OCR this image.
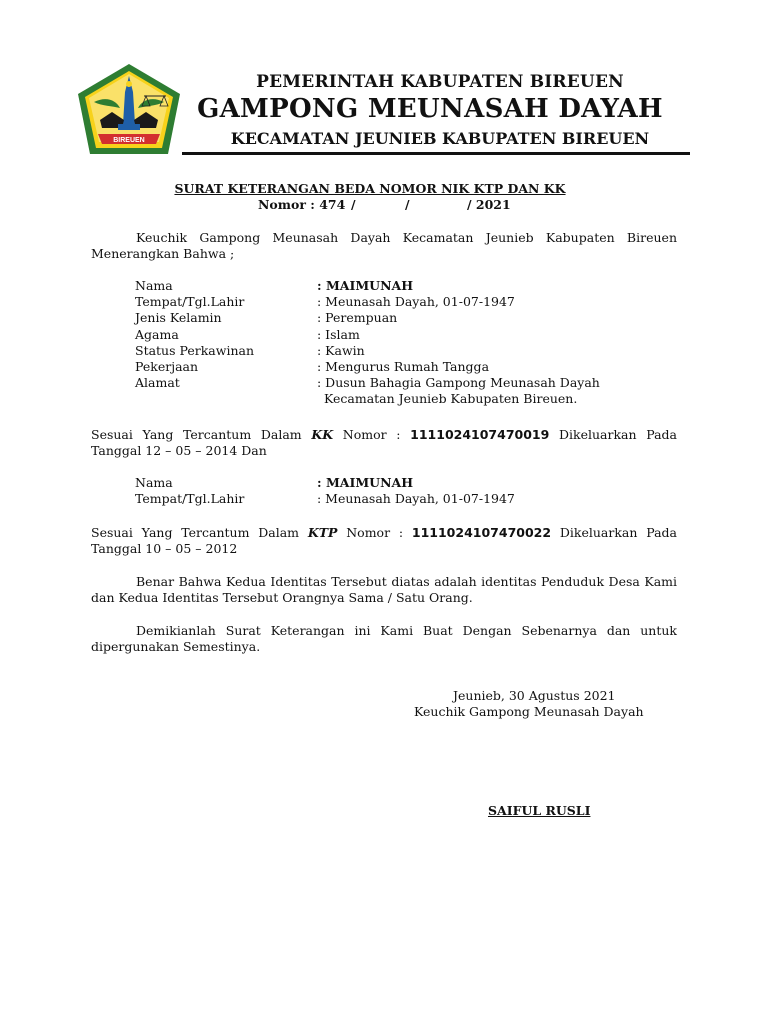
BIREUEN
PEMERINTAH KABUPATEN BIREUEN
GAMPONG MEUNASAH DAYAH
KECAMATAN JEUNIEB KABUPATEN BIREUEN
SURAT KETERANGAN BEDA NOMOR NIK KTP DAN KK
Nomor : 474 /	/	/ 2021
Keuchik Gampong Meunasah Dayah Kecamatan Jeunieb Kabupaten Bireuen Menerangkan Bahwa ;
Nama	: MAIMUNAH
Tempat/Tgl.Lahir	: Meunasah Dayah, 01-07-1947
Jenis Kelamin	: Perempuan
Agama	: Islam
Status Perkawinan	: Kawin
Pekerjaan	: Mengurus Rumah Tangga
Alamat	: Dusun Bahagia Gampong Meunasah Dayah
Kecamatan Jeunieb Kabupaten Bireuen.
Sesuai Yang Tercantum Dalam KK Nomor : 1111024107470019 Dikeluarkan Pada Tanggal 12 – 05 – 2014 Dan
Nama	: MAIMUNAH
Tempat/Tgl.Lahir	: Meunasah Dayah, 01-07-1947
Sesuai Yang Tercantum Dalam KTP Nomor : 1111024107470022 Dikeluarkan Pada Tanggal 10 – 05 – 2012
Benar Bahwa Kedua Identitas Tersebut diatas adalah identitas Penduduk Desa Kami dan Kedua Identitas Tersebut Orangnya Sama / Satu Orang.
Demikianlah Surat Keterangan ini Kami Buat Dengan Sebenarnya dan untuk dipergunakan Semestinya.
Jeunieb, 30 Agustus 2021
Keuchik Gampong Meunasah Dayah
SAIFUL RUSLI
